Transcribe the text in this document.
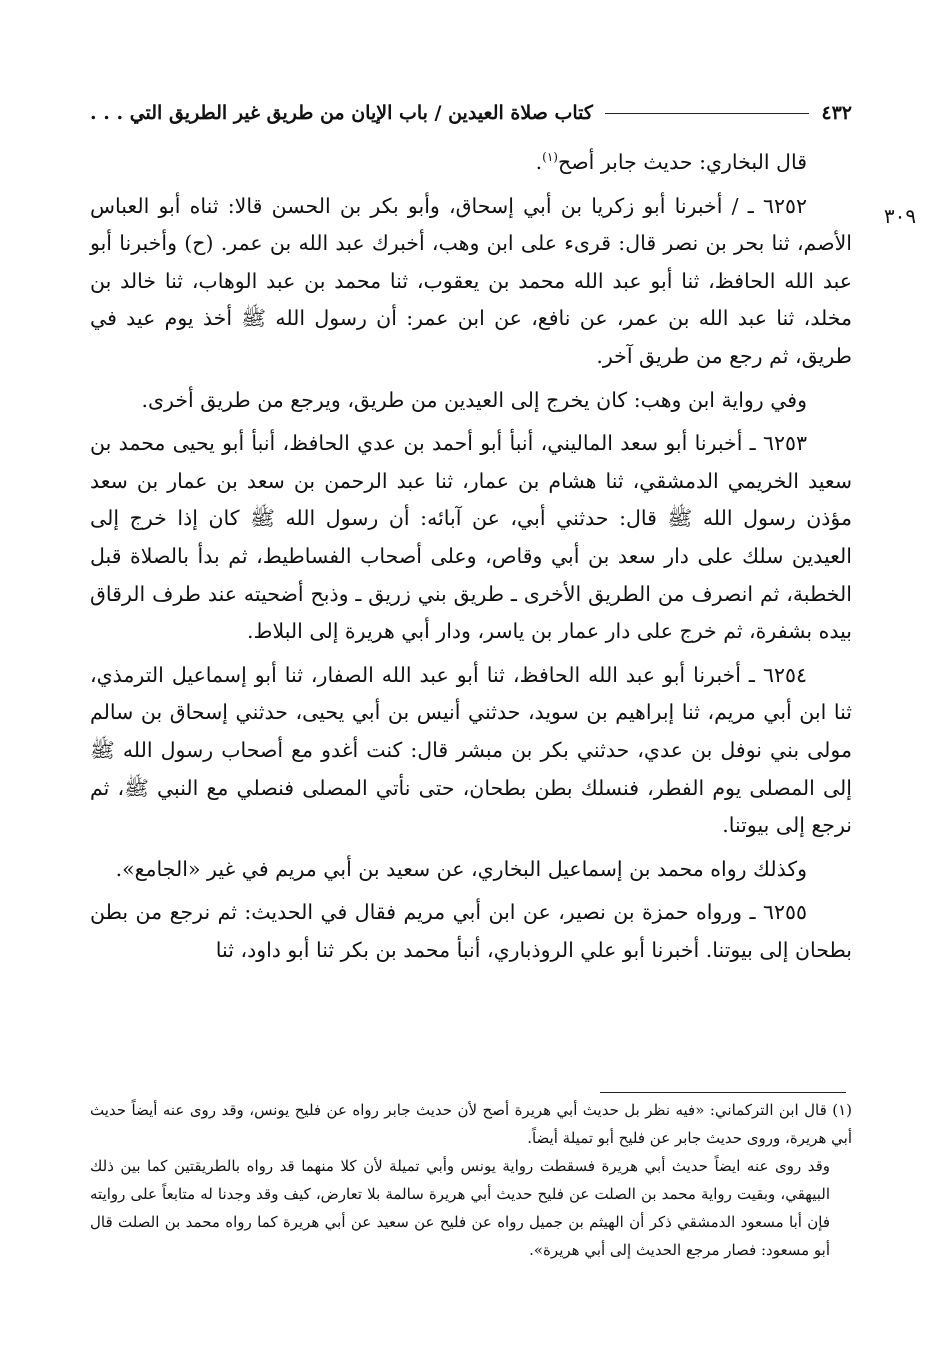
٤٣٢
كتاب صلاة العيدين / باب الإيان من طريق غير الطريق التي . . .
٣٠٩

قال البخاري: حديث جابر أصح$^{(١)}$.

٦٢٥٢ ـ / أخبرنا أبو زكريا بن أبي إسحاق، وأبو بكر بن الحسن قالا: ثناه أبو العباس الأصم، ثنا بحر بن نصر قال: قرىء على ابن وهب، أخبرك عبد الله بن عمر. (ح) وأخبرنا أبو عبد الله الحافظ، ثنا أبو عبد الله محمد بن يعقوب، ثنا محمد بن عبد الوهاب، ثنا خالد بن مخلد، ثنا عبد الله بن عمر، عن نافع، عن ابن عمر: أن رسول الله ﷺ أخذ يوم عيد في طريق، ثم رجع من طريق آخر.

وفي رواية ابن وهب: كان يخرج إلى العيدين من طريق، ويرجع من طريق أخرى.

٦٢٥٣ ـ أخبرنا أبو سعد الماليني، أنبأ أبو أحمد بن عدي الحافظ، أنبأ أبو يحيى محمد بن سعيد الخريمي الدمشقي، ثنا هشام بن عمار، ثنا عبد الرحمن بن سعد بن عمار بن سعد مؤذن رسول الله ﷺ قال: حدثني أبي، عن آبائه: أن رسول الله ﷺ كان إذا خرج إلى العيدين سلك على دار سعد بن أبي وقاص، وعلى أصحاب الفساطيط، ثم بدأ بالصلاة قبل الخطبة، ثم انصرف من الطريق الأخرى ـ طريق بني زريق ـ وذبح أضحيته عند طرف الرقاق بيده بشفرة، ثم خرج على دار عمار بن ياسر، ودار أبي هريرة إلى البلاط.

٦٢٥٤ ـ أخبرنا أبو عبد الله الحافظ، ثنا أبو عبد الله الصفار، ثنا أبو إسماعيل الترمذي، ثنا ابن أبي مريم، ثنا إبراهيم بن سويد، حدثني أنيس بن أبي يحيى، حدثني إسحاق بن سالم مولى بني نوفل بن عدي، حدثني بكر بن مبشر قال: كنت أغدو مع أصحاب رسول الله ﷺ إلى المصلى يوم الفطر، فنسلك بطن بطحان، حتى نأتي المصلى فنصلي مع النبي ﷺ، ثم نرجع إلى بيوتنا.

وكذلك رواه محمد بن إسماعيل البخاري، عن سعيد بن أبي مريم في غير «الجامع».

٦٢٥٥ ـ ورواه حمزة بن نصير، عن ابن أبي مريم فقال في الحديث: ثم نرجع من بطن بطحان إلى بيوتنا. أخبرنا أبو علي الروذباري، أنبأ محمد بن بكر ثنا أبو داود، ثنا

(١) قال ابن التركماني: «فيه نظر بل حديث أبي هريرة أصح لأن حديث جابر رواه عن فليح يونس، وقد روى عنه أيضاً حديث أبي هريرة، وروى حديث جابر عن فليح أبو تميلة أيضاً.

وقد روى عنه ايضاً حديث أبي هريرة فسقطت رواية يونس وأبي تميلة لأن كلا منهما قد رواه بالطريقتين كما بين ذلك البيهقي، وبقيت رواية محمد بن الصلت عن فليح حديث أبي هريرة سالمة بلا تعارض، كيف وقد وجدنا له متابعاً على روايته فإن أبا مسعود الدمشقي ذكر أن الهيثم بن جميل رواه عن فليح عن سعيد عن أبي هريرة كما رواه محمد بن الصلت قال أبو مسعود: فصار مرجع الحديث إلى أبي هريرة».
